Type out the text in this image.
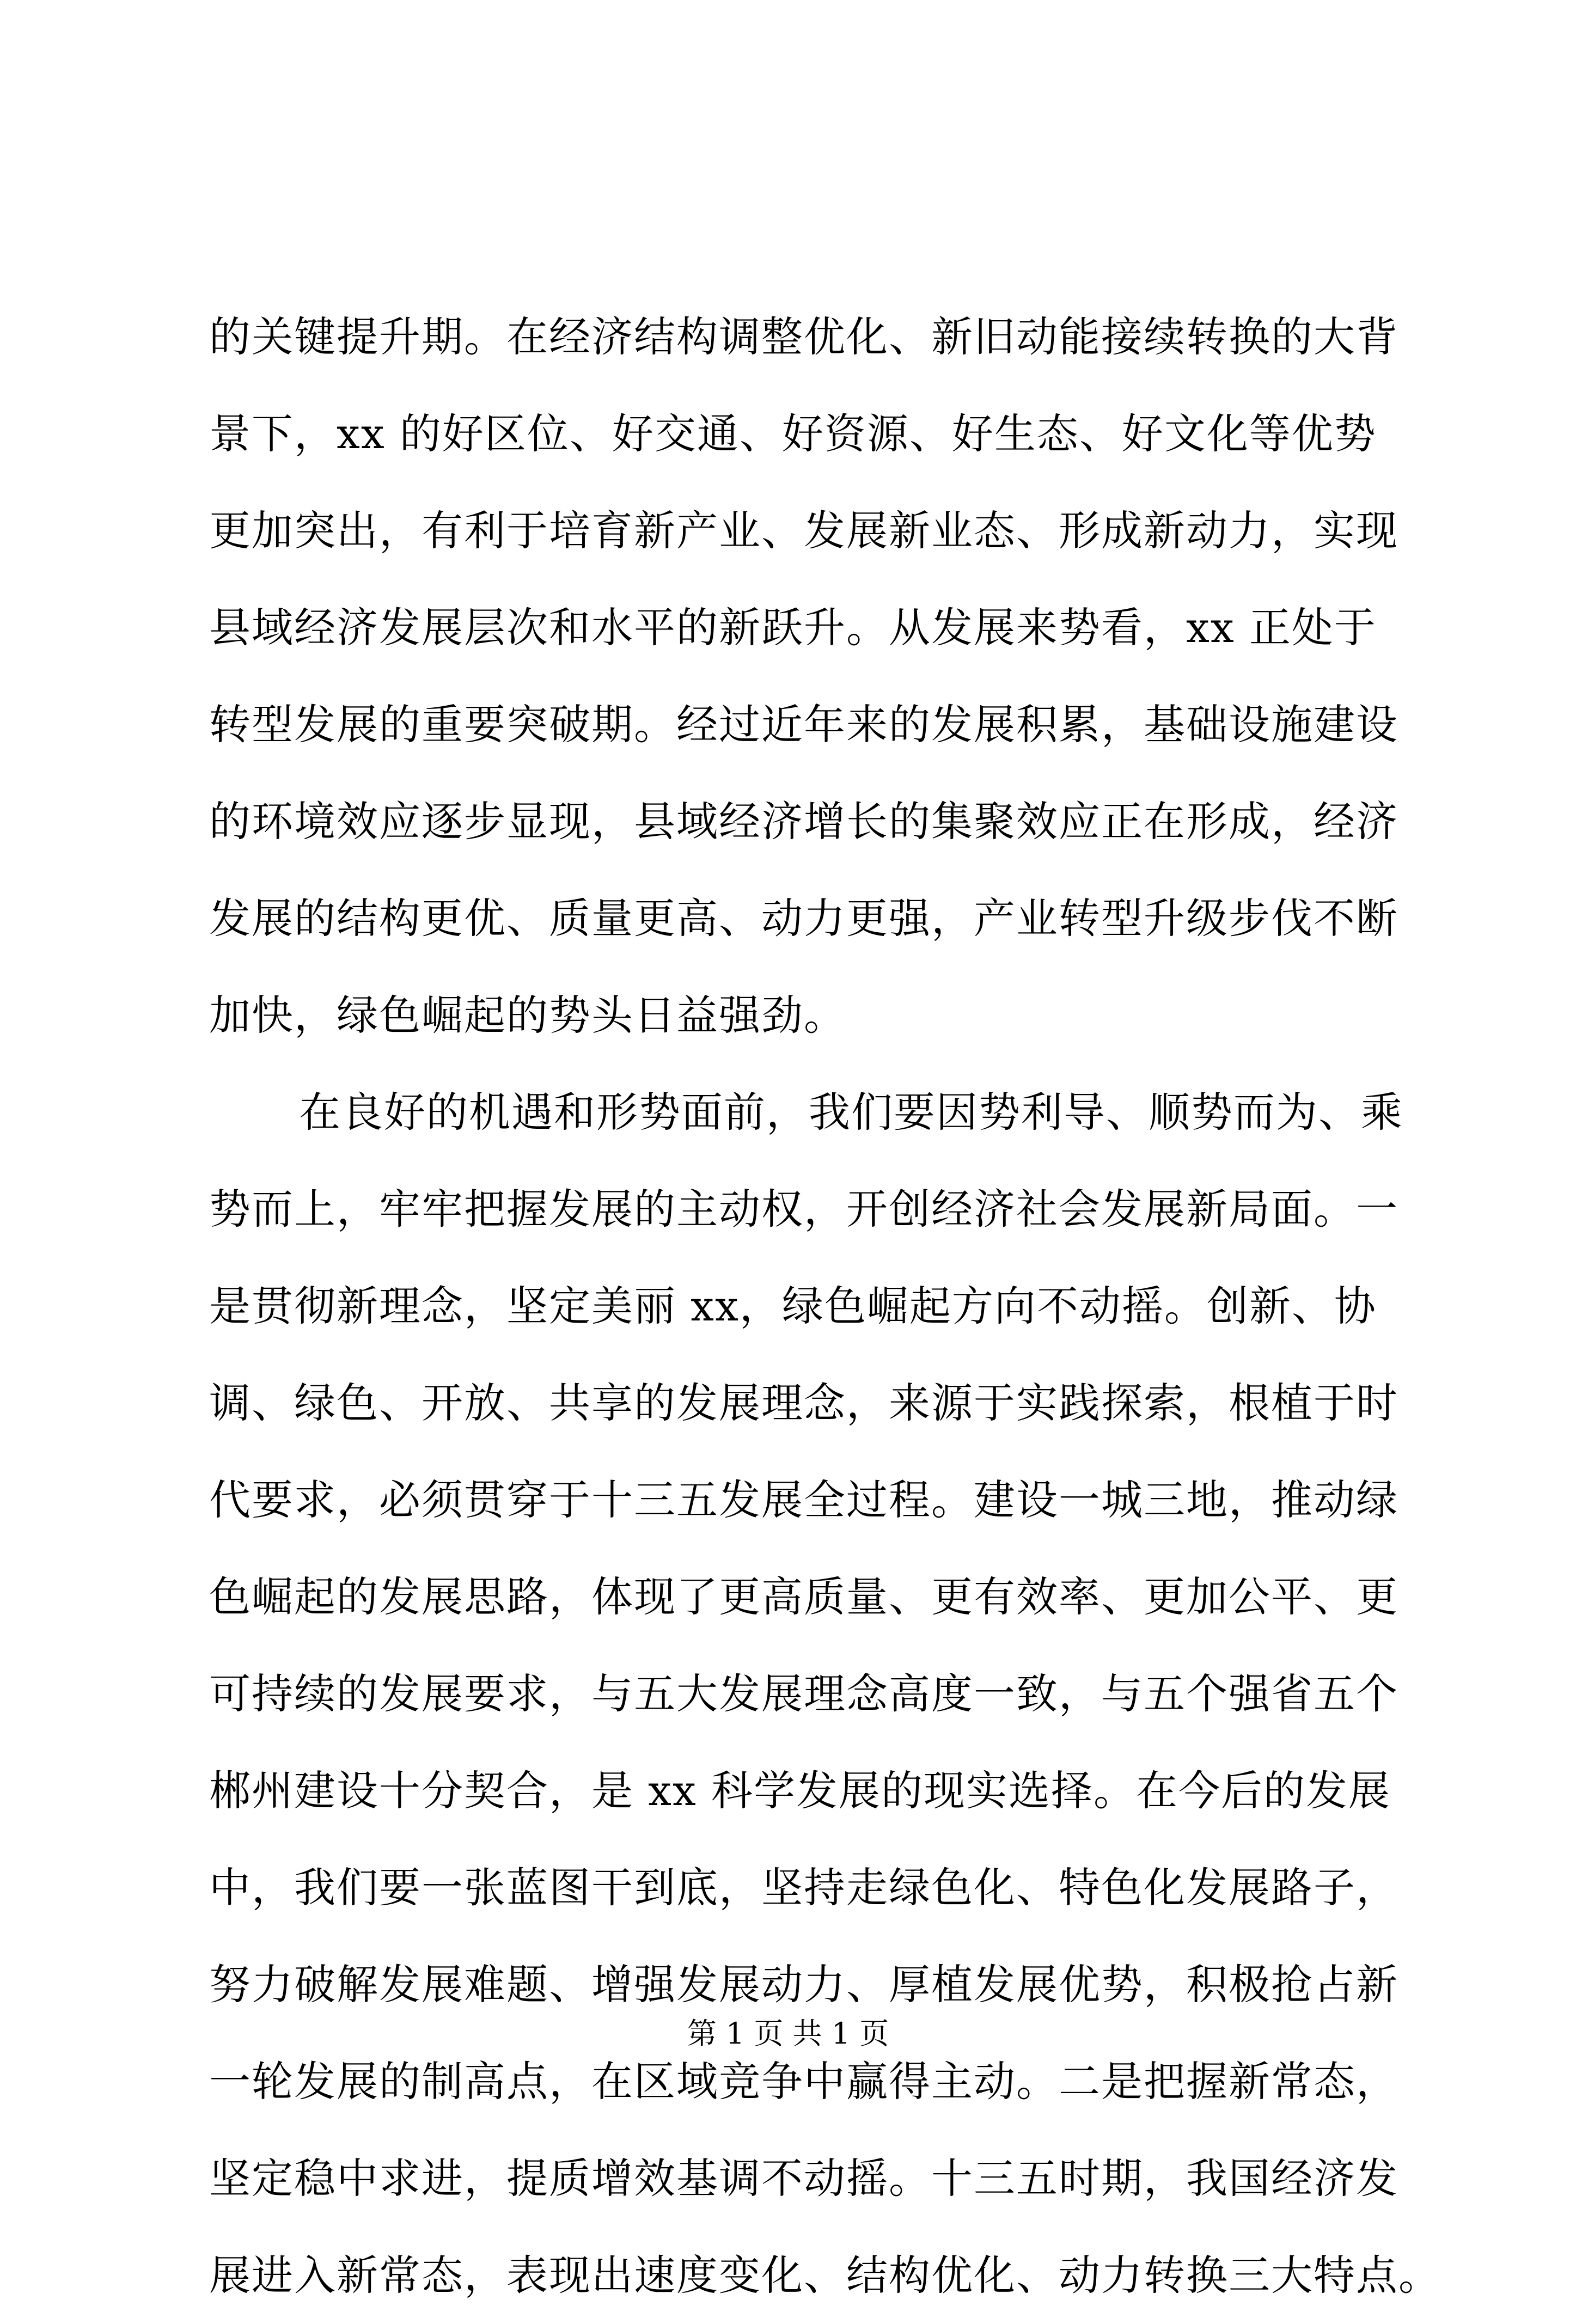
的关键提升期。在经济结构调整优化、新旧动能接续转换的大背
景下，xx 的好区位、好交通、好资源、好生态、好文化等优势
更加突出，有利于培育新产业、发展新业态、形成新动力，实现
县域经济发展层次和水平的新跃升。从发展来势看，xx 正处于
转型发展的重要突破期。经过近年来的发展积累，基础设施建设
的环境效应逐步显现，县域经济增长的集聚效应正在形成，经济
发展的结构更优、质量更高、动力更强，产业转型升级步伐不断
加快，绿色崛起的势头日益强劲。
在良好的机遇和形势面前，我们要因势利导、顺势而为、乘
势而上，牢牢把握发展的主动权，开创经济社会发展新局面。一
是贯彻新理念，坚定美丽 xx，绿色崛起方向不动摇。创新、协
调、绿色、开放、共享的发展理念，来源于实践探索，根植于时
代要求，必须贯穿于十三五发展全过程。建设一城三地，推动绿
色崛起的发展思路，体现了更高质量、更有效率、更加公平、更
可持续的发展要求，与五大发展理念高度一致，与五个强省五个
郴州建设十分契合，是 xx 科学发展的现实选择。在今后的发展
中，我们要一张蓝图干到底，坚持走绿色化、特色化发展路子，
努力破解发展难题、增强发展动力、厚植发展优势，积极抢占新
一轮发展的制高点，在区域竞争中赢得主动。二是把握新常态，
坚定稳中求进，提质增效基调不动摇。十三五时期，我国经济发
展进入新常态，表现出速度变化、结构优化、动力转换三大特点。
第 1 页 共 1 页
